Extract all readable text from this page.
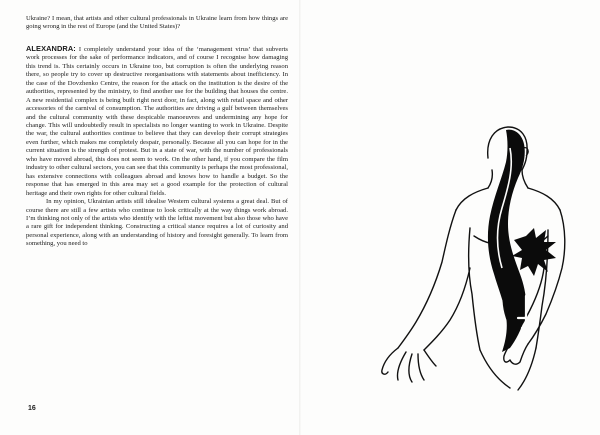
Ukraine? I mean, that artists and other cultural professionals in Ukraine learn from how things are going wrong in the rest of Europe (and the United States)?

ALEXANDRA: I completely understand your idea of the ‘management virus’ that subverts work processes for the sake of performance indicators, and of course I recognise how damaging this trend is. This certainly occurs in Ukraine too, but corruption is often the underlying reason there, so people try to cover up destructive reorganisations with statements about inefficiency. In the case of the Dovzhenko Centre, the reason for the attack on the institution is the desire of the authorities, represented by the ministry, to find another use for the building that houses the centre. A new residential complex is being built right next door, in fact, along with retail space and other accessories of the carnival of consumption. The authorities are driving a gulf between themselves and the cultural community with these despicable manoeuvres and undermining any hope for change. This will undoubtedly result in specialists no longer wanting to work in Ukraine. Despite the war, the cultural authorities continue to believe that they can develop their corrupt strategies even further, which makes me completely despair, personally. Because all you can hope for in the current situation is the strength of protest. But in a state of war, with the number of professionals who have moved abroad, this does not seem to work. On the other hand, if you compare the film industry to other cultural sectors, you can see that this community is perhaps the most professional, has extensive connections with colleagues abroad and knows how to handle a budget. So the response that has emerged in this area may set a good example for the protection of cultural heritage and their own rights for other cultural fields.

In my opinion, Ukrainian artists still idealise Western cultural systems a great deal. But of course there are still a few artists who continue to look critically at the way things work abroad. I’m thinking not only of the artists who identify with the leftist movement but also those who have a rare gift for independent thinking. Constructing a critical stance requires a lot of curiosity and personal experience, along with an understanding of history and foresight generally. To learn from something, you need to

16
